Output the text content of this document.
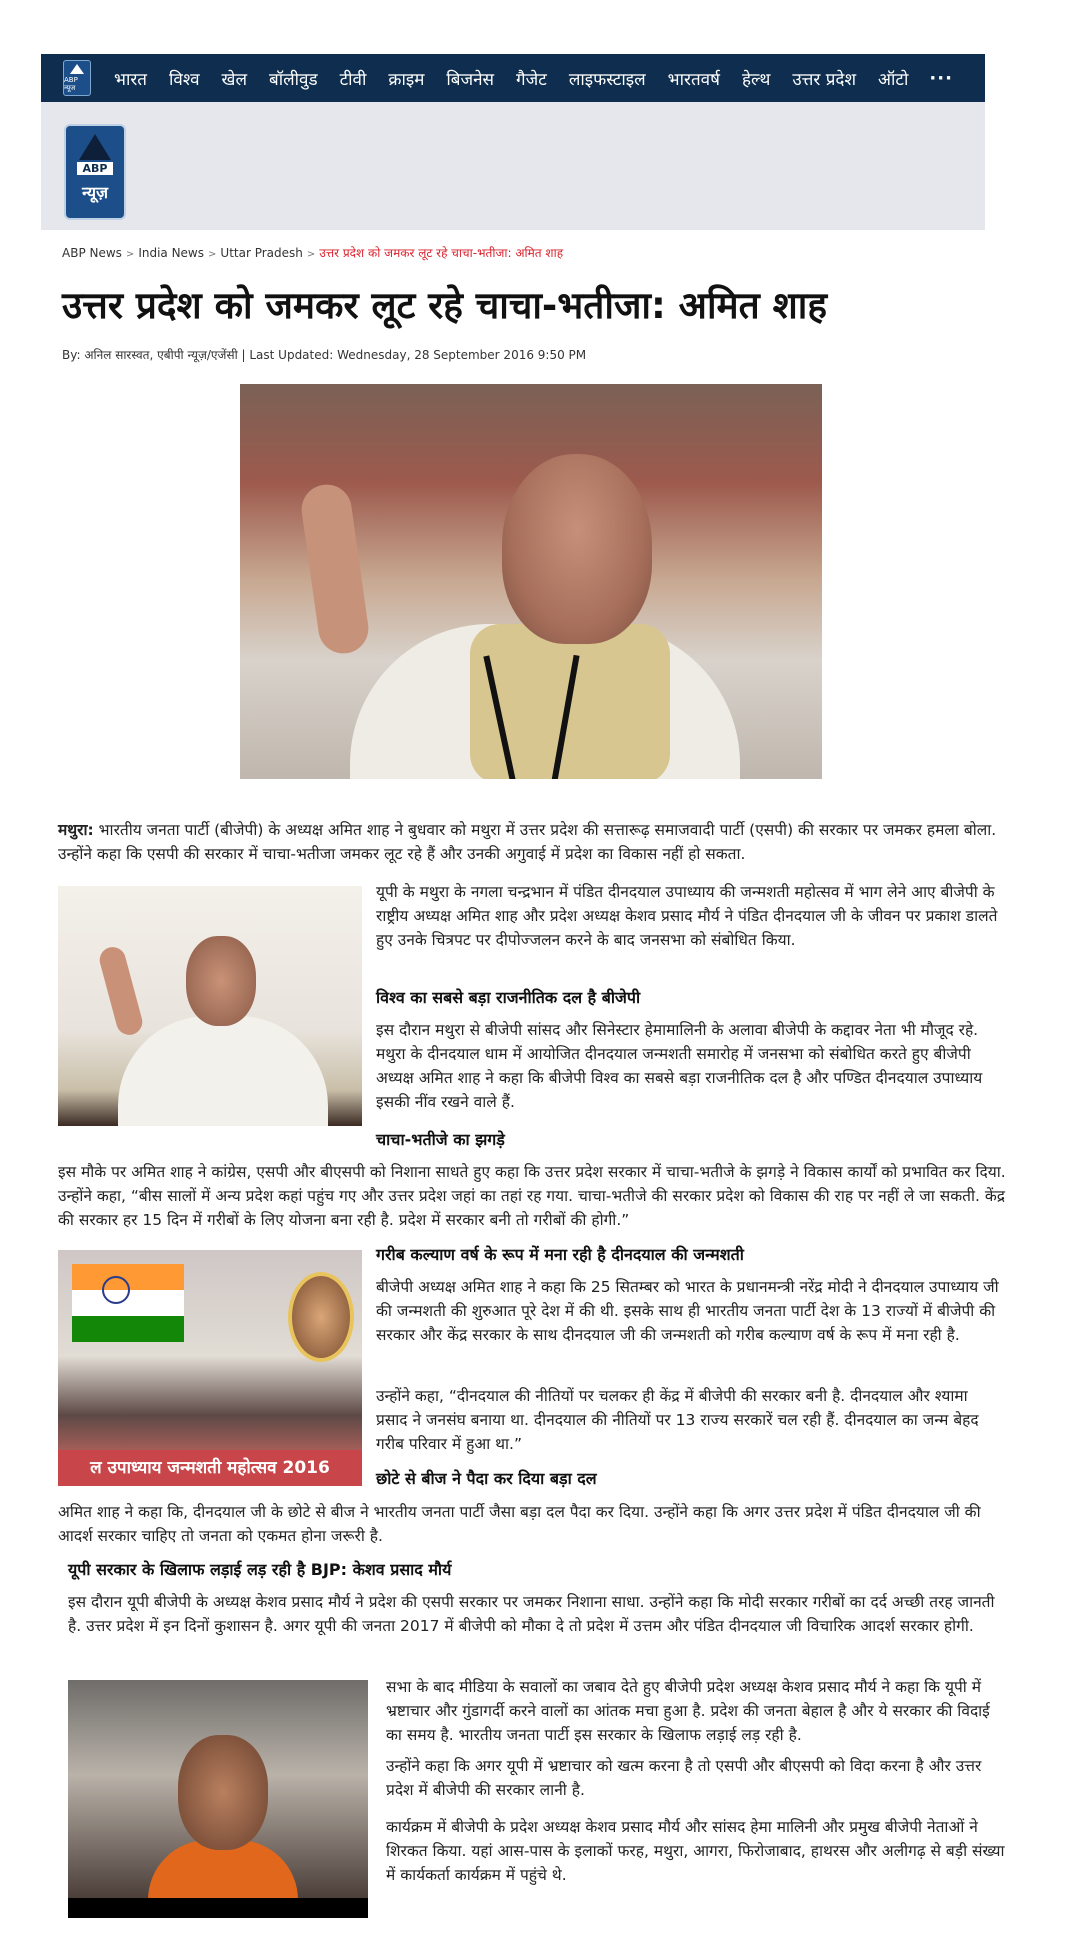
ABP न्यूज	भारत विश्व खेल बॉलीवुड टीवी क्राइम बिजनेस गैजेट लाइफस्टाइल भारतवर्ष हेल्थ उत्तर प्रदेश ऑटो ···
ABP
न्यूज़
ABP News > India News > Uttar Pradesh > उत्तर प्रदेश को जमकर लूट रहे चाचा-भतीजा: अमित शाह
उत्तर प्रदेश को जमकर लूट रहे चाचा-भतीजा: अमित शाह
By: अनिल सारस्वत, एबीपी न्यूज़/एजेंसी | Last Updated: Wednesday, 28 September 2016 9:50 PM

मथुरा: भारतीय जनता पार्टी (बीजेपी) के अध्यक्ष अमित शाह ने बुधवार को मथुरा में उत्तर प्रदेश की सत्तारूढ़ समाजवादी पार्टी (एसपी) की सरकार पर जमकर हमला बोला. उन्होंने कहा कि एसपी की सरकार में चाचा-भतीजा जमकर लूट रहे हैं और उनकी अगुवाई में प्रदेश का विकास नहीं हो सकता.

यूपी के मथुरा के नगला चन्द्रभान में पंडित दीनदयाल उपाध्याय की जन्मशती महोत्सव में भाग लेने आए बीजेपी के राष्ट्रीय अध्यक्ष अमित शाह और प्रदेश अध्यक्ष केशव प्रसाद मौर्य ने पंडित दीनदयाल जी के जीवन पर प्रकाश डालते हुए उनके चित्रपट पर दीपोज्जलन करने के बाद जनसभा को संबोधित किया.

विश्व का सबसे बड़ा राजनीतिक दल है बीजेपी

इस दौरान मथुरा से बीजेपी सांसद और सिनेस्टार हेमामालिनी के अलावा बीजेपी के कद्दावर नेता भी मौजूद रहे. मथुरा के दीनदयाल धाम में आयोजित दीनदयाल जन्मशती समारोह में जनसभा को संबोधित करते हुए बीजेपी अध्यक्ष अमित शाह ने कहा कि बीजेपी विश्व का सबसे बड़ा राजनीतिक दल है और पण्डित दीनदयाल उपाध्याय इसकी नींव रखने वाले हैं.

चाचा-भतीजे का झगड़े

इस मौके पर अमित शाह ने कांग्रेस, एसपी और बीएसपी को निशाना साधते हुए कहा कि उत्तर प्रदेश सरकार में चाचा-भतीजे के झगड़े ने विकास कार्यों को प्रभावित कर दिया. उन्होंने कहा, “बीस सालों में अन्य प्रदेश कहां पहुंच गए और उत्तर प्रदेश जहां का तहां रह गया. चाचा-भतीजे की सरकार प्रदेश को विकास की राह पर नहीं ले जा सकती. केंद्र की सरकार हर 15 दिन में गरीबों के लिए योजना बना रही है. प्रदेश में सरकार बनी तो गरीबों की होगी.”

ल उपाध्याय जन्मशती महोत्सव 2016
गरीब कल्याण वर्ष के रूप में मना रही है दीनदयाल की जन्मशती

बीजेपी अध्यक्ष अमित शाह ने कहा कि 25 सितम्बर को भारत के प्रधानमन्त्री नरेंद्र मोदी ने दीनदयाल उपाध्याय जी की जन्मशती की शुरुआत पूरे देश में की थी. इसके साथ ही भारतीय जनता पार्टी देश के 13 राज्यों में बीजेपी की सरकार और केंद्र सरकार के साथ दीनदयाल जी की जन्मशती को गरीब कल्याण वर्ष के रूप में मना रही है.

उन्होंने कहा, “दीनदयाल की नीतियों पर चलकर ही केंद्र में बीजेपी की सरकार बनी है. दीनदयाल और श्यामा प्रसाद ने जनसंघ बनाया था. दीनदयाल की नीतियों पर 13 राज्य सरकारें चल रही हैं. दीनदयाल का जन्म बेहद गरीब परिवार में हुआ था.”

छोटे से बीज ने पैदा कर दिया बड़ा दल

अमित शाह ने कहा कि, दीनदयाल जी के छोटे से बीज ने भारतीय जनता पार्टी जैसा बड़ा दल पैदा कर दिया. उन्होंने कहा कि अगर उत्तर प्रदेश में पंडित दीनदयाल जी की आदर्श सरकार चाहिए तो जनता को एकमत होना जरूरी है.

यूपी सरकार के खिलाफ लड़ाई लड़ रही है BJP: केशव प्रसाद मौर्य

इस दौरान यूपी बीजेपी के अध्यक्ष केशव प्रसाद मौर्य ने प्रदेश की एसपी सरकार पर जमकर निशाना साधा. उन्होंने कहा कि मोदी सरकार गरीबों का दर्द अच्छी तरह जानती है. उत्तर प्रदेश में इन दिनों कुशासन है. अगर यूपी की जनता 2017 में बीजेपी को मौका दे तो प्रदेश में उत्तम और पंडित दीनदयाल जी विचारिक आदर्श सरकार होगी.

सभा के बाद मीडिया के सवालों का जबाव देते हुए बीजेपी प्रदेश अध्यक्ष केशव प्रसाद मौर्य ने कहा कि यूपी में भ्रष्टाचार और गुंडागर्दी करने वालों का आंतक मचा हुआ है. प्रदेश की जनता बेहाल है और ये सरकार की विदाई का समय है. भारतीय जनता पार्टी इस सरकार के खिलाफ लड़ाई लड़ रही है.

उन्होंने कहा कि अगर यूपी में भ्रष्टाचार को खत्म करना है तो एसपी और बीएसपी को विदा करना है और उत्तर प्रदेश में बीजेपी की सरकार लानी है.

कार्यक्रम में बीजेपी के प्रदेश अध्यक्ष केशव प्रसाद मौर्य और सांसद हेमा मालिनी और प्रमुख बीजेपी नेताओं ने शिरकत किया. यहां आस-पास के इलाकों फरह, मथुरा, आगरा, फिरोजाबाद, हाथरस और अलीगढ़ से बड़ी संख्या में कार्यकर्ता कार्यक्रम में पहुंचे थे.
